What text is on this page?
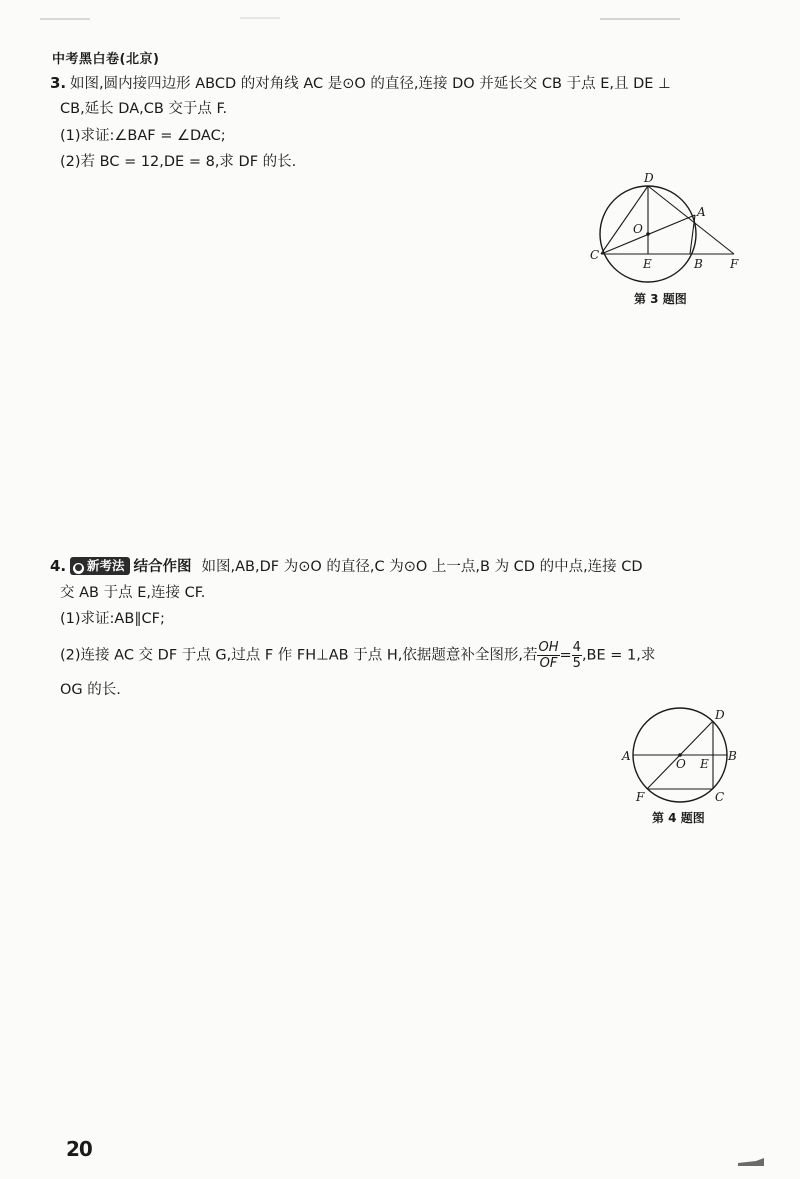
中考黑白卷(北京)
3. 如图,圆内接四边形 ABCD 的对角线 AC 是⊙O 的直径,连接 DO 并延长交 CB 于点 E,且 DE ⊥
CB,延长 DA,CB 交于点 F.
(1)求证:∠BAF = ∠DAC;
(2)若 BC = 12,DE = 8,求 DF 的长.
D
A
O
C
E	B F
第 3 题图
4. ● 新考法 结合作图 如图,AB,DF 为⊙O 的直径,C 为⊙O 上一点,B 为 CD 的中点,连接 CD
交 AB 于点 E,连接 CF.
(1)求证:AB∥CF;
(2)连接 AC 交 DF 于点 G,过点 F 作 FH⊥AB 于点 H,依据题意补全图形,若 $\frac{OH}{OF} = \frac{4}{5} ,BE = 1$,求
OG 的长.
D
A	B
O E
F	C
第 4 题图
20
